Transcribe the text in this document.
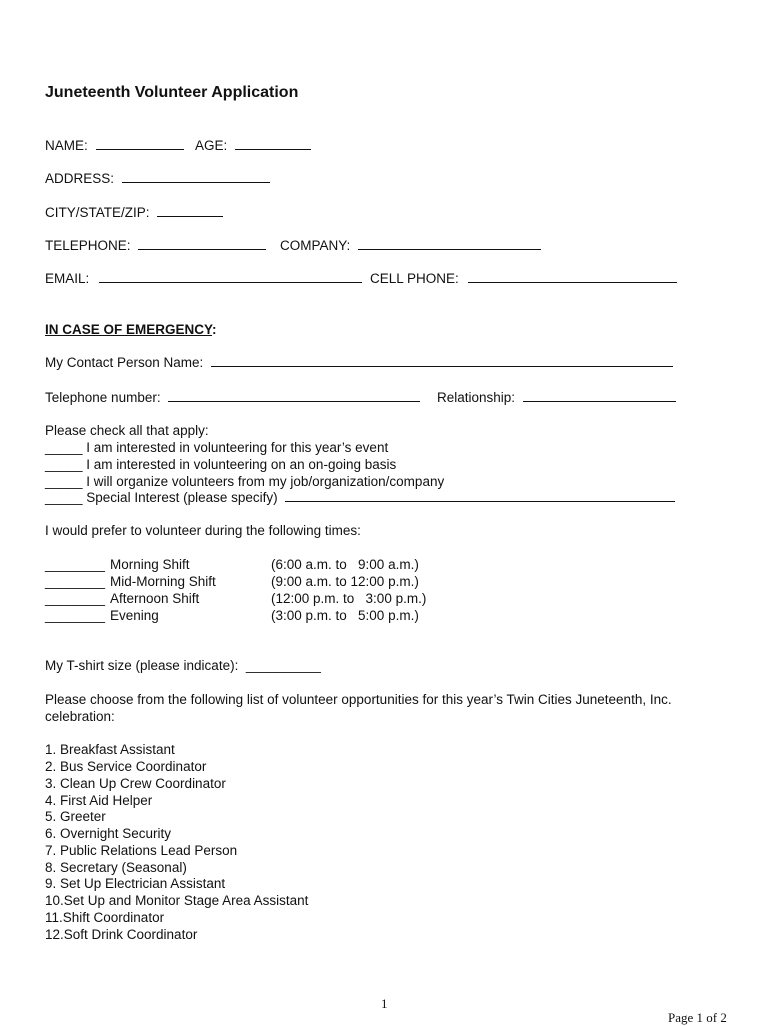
Juneteenth Volunteer Application
NAME:	AGE:
ADDRESS:
CITY/STATE/ZIP:
TELEPHONE:	COMPANY:
EMAIL:	CELL PHONE:
IN CASE OF EMERGENCY:
My Contact Person Name:
Telephone number:	Relationship:
Please check all that apply:
_____ I am interested in volunteering for this year’s event
_____ I am interested in volunteering on an on-going basis
_____ I will organize volunteers from my job/organization/company
_____ Special Interest (please specify)
I would prefer to volunteer during the following times:
________ Morning Shift	(6:00 a.m. to   9:00 a.m.)
________ Mid-Morning Shift	(9:00 a.m. to 12:00 p.m.)
________ Afternoon Shift	(12:00 p.m. to   3:00 p.m.)
________ Evening	(3:00 p.m. to   5:00 p.m.)
My T-shirt size (please indicate):  __________
Please choose from the following list of volunteer opportunities for this year’s Twin Cities Juneteenth, Inc.
celebration:
1. Breakfast Assistant
2. Bus Service Coordinator
3. Clean Up Crew Coordinator
4. First Aid Helper
5. Greeter
6. Overnight Security
7. Public Relations Lead Person
8. Secretary (Seasonal)
9. Set Up Electrician Assistant
10.Set Up and Monitor Stage Area Assistant
11.Shift Coordinator
12.Soft Drink Coordinator
1
Page 1 of 2
